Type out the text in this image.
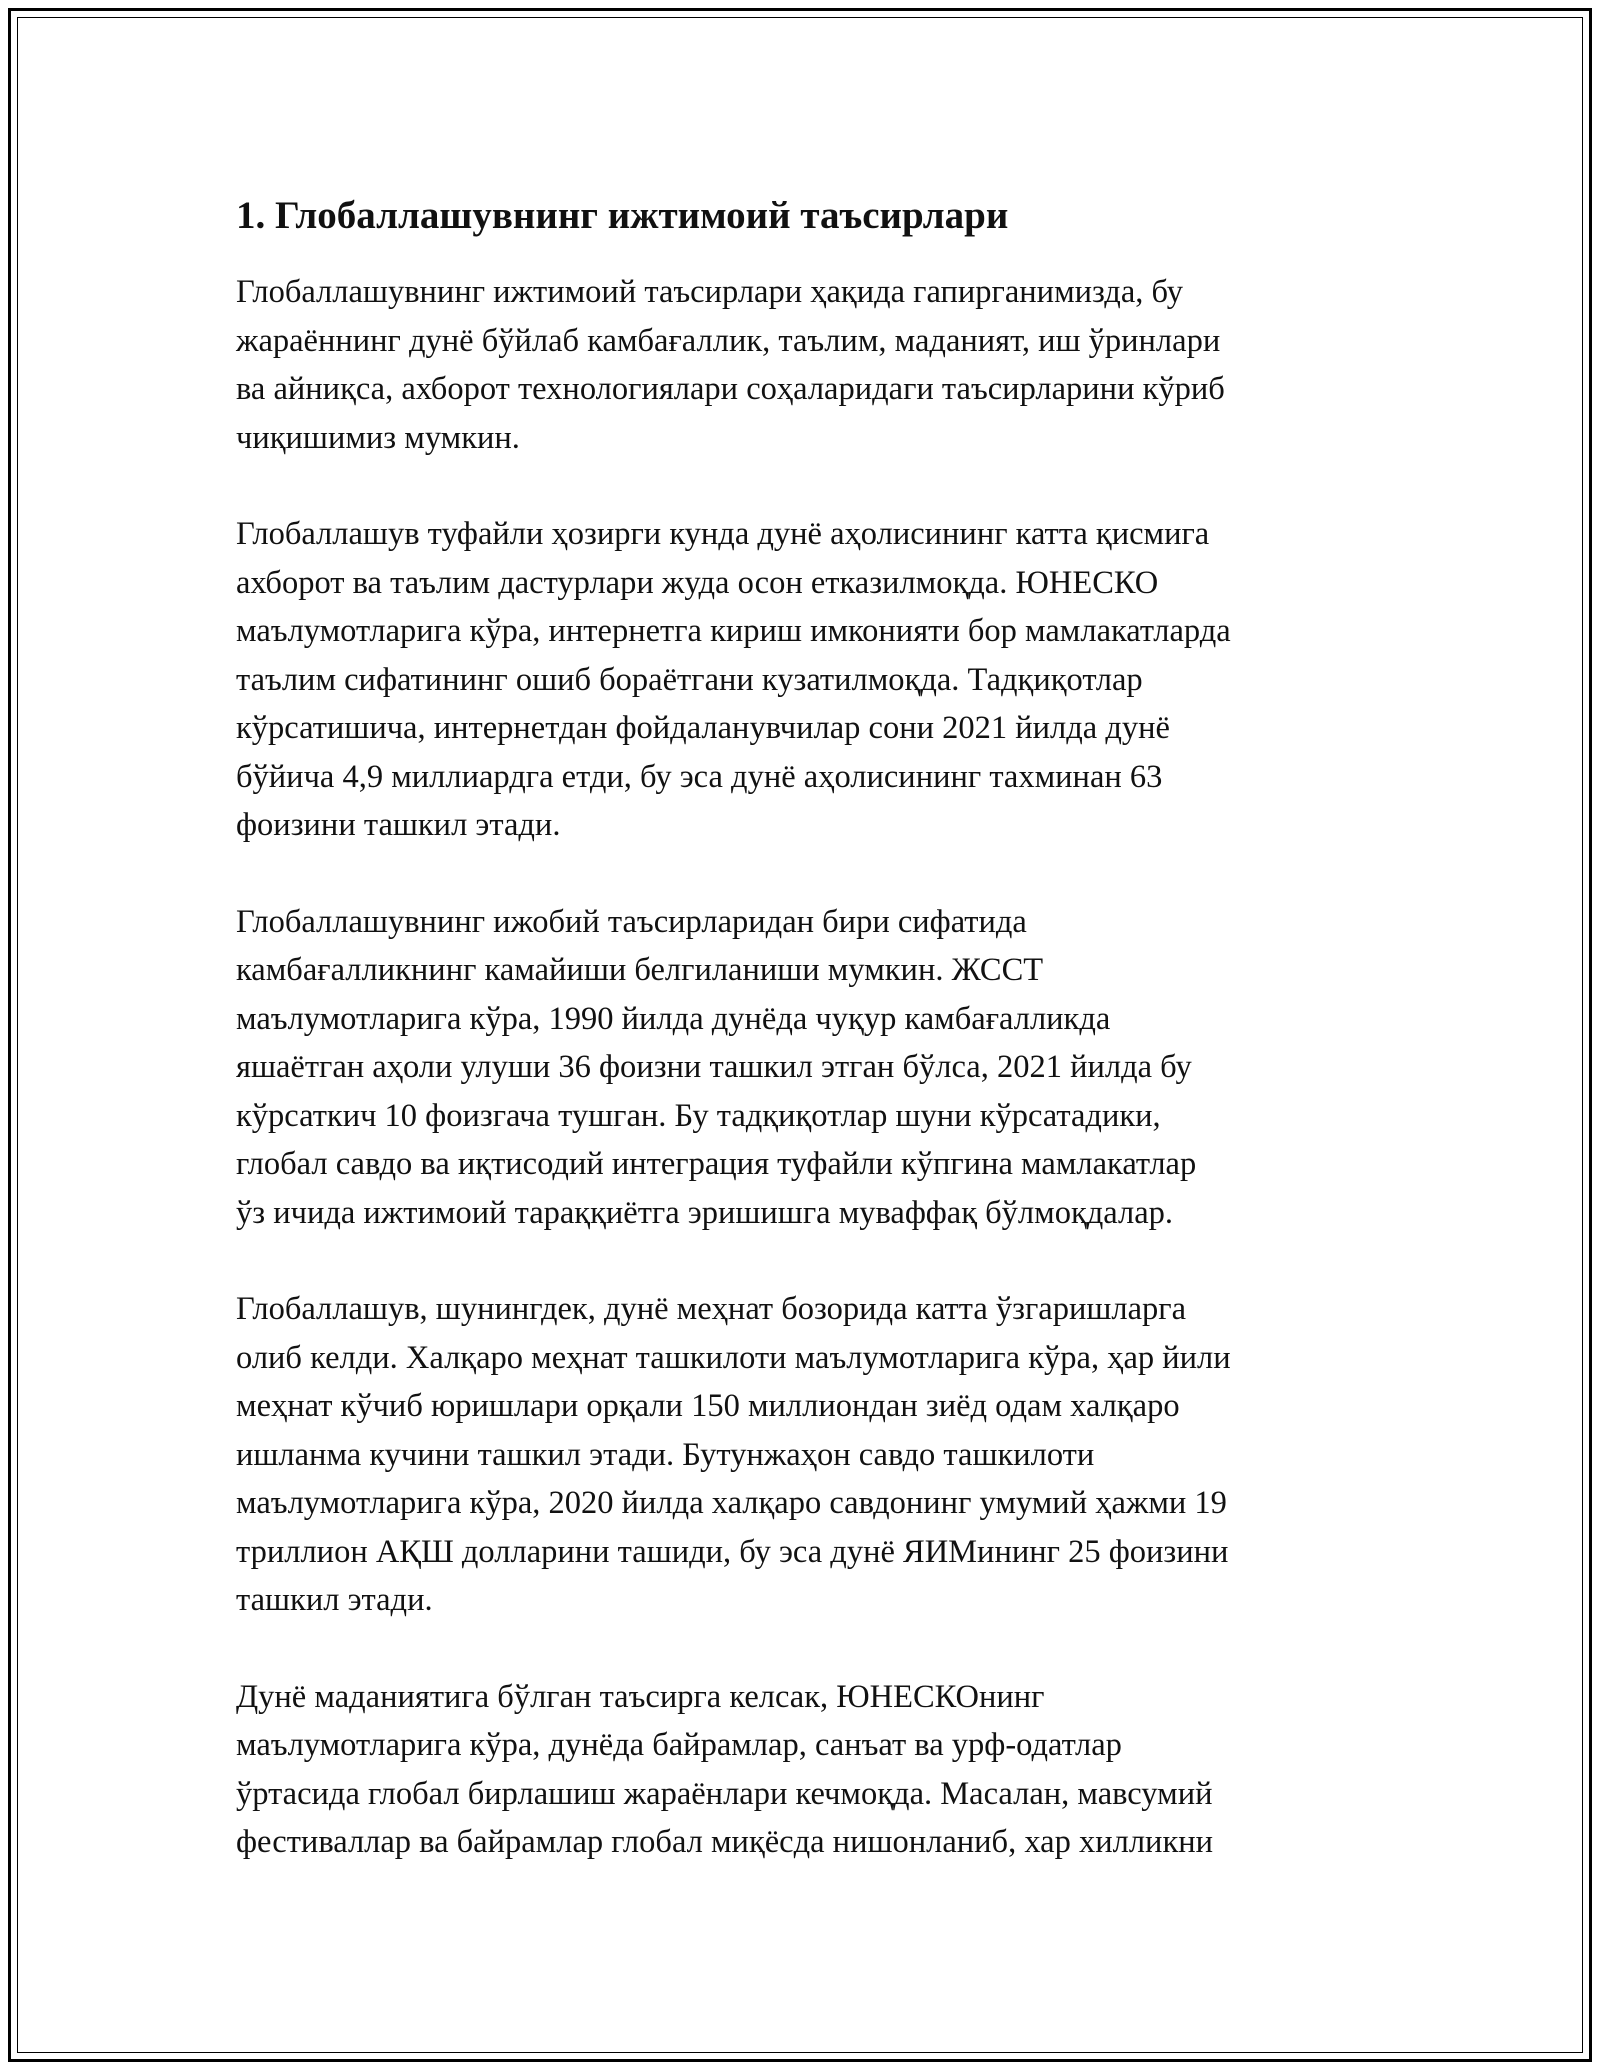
1. Глобаллашувнинг ижтимоий таъсирлари

Глобаллашувнинг ижтимоий таъсирлари ҳақида гапирганимизда, бу
жараённинг дунё бўйлаб камбағаллик, таълим, маданият, иш ўринлари
ва айниқса, ахборот технологиялари соҳаларидаги таъсирларини кўриб
чиқишимиз мумкин.

Глобаллашув туфайли ҳозирги кунда дунё аҳолисининг катта қисмига
ахборот ва таълим дастурлари жуда осон етказилмоқда. ЮНЕСКО
маълумотларига кўра, интернетга кириш имконияти бор мамлакатларда
таълим сифатининг ошиб бораётгани кузатилмоқда. Тадқиқотлар
кўрсатишича, интернетдан фойдаланувчилар сони 2021 йилда дунё
бўйича 4,9 миллиардга етди, бу эса дунё аҳолисининг тахминан 63
фоизини ташкил этади.

Глобаллашувнинг ижобий таъсирларидан бири сифатида
камбағалликнинг камайиши белгиланиши мумкин. ЖССТ
маълумотларига кўра, 1990 йилда дунёда чуқур камбағалликда
яшаётган аҳоли улуши 36 фоизни ташкил этган бўлса, 2021 йилда бу
кўрсаткич 10 фоизгача тушган. Бу тадқиқотлар шуни кўрсатадики,
глобал савдо ва иқтисодий интеграция туфайли кўпгина мамлакатлар
ўз ичида ижтимоий тараққиётга эришишга муваффақ бўлмоқдалар.

Глобаллашув, шунингдек, дунё меҳнат бозорида катта ўзгаришларга
олиб келди. Халқаро меҳнат ташкилоти маълумотларига кўра, ҳар йили
меҳнат кўчиб юришлари орқали 150 миллиондан зиёд одам халқаро
ишланма кучини ташкил этади. Бутунжаҳон савдо ташкилоти
маълумотларига кўра, 2020 йилда халқаро савдонинг умумий ҳажми 19
триллион АҚШ долларини ташиди, бу эса дунё ЯИМининг 25 фоизини
ташкил этади.

Дунё маданиятига бўлган таъсирга келсак, ЮНЕСКОнинг
маълумотларига кўра, дунёда байрамлар, санъат ва урф-одатлар
ўртасида глобал бирлашиш жараёнлари кечмоқда. Масалан, мавсумий
фестиваллар ва байрамлар глобал миқёсда нишонланиб, хар хилликни
